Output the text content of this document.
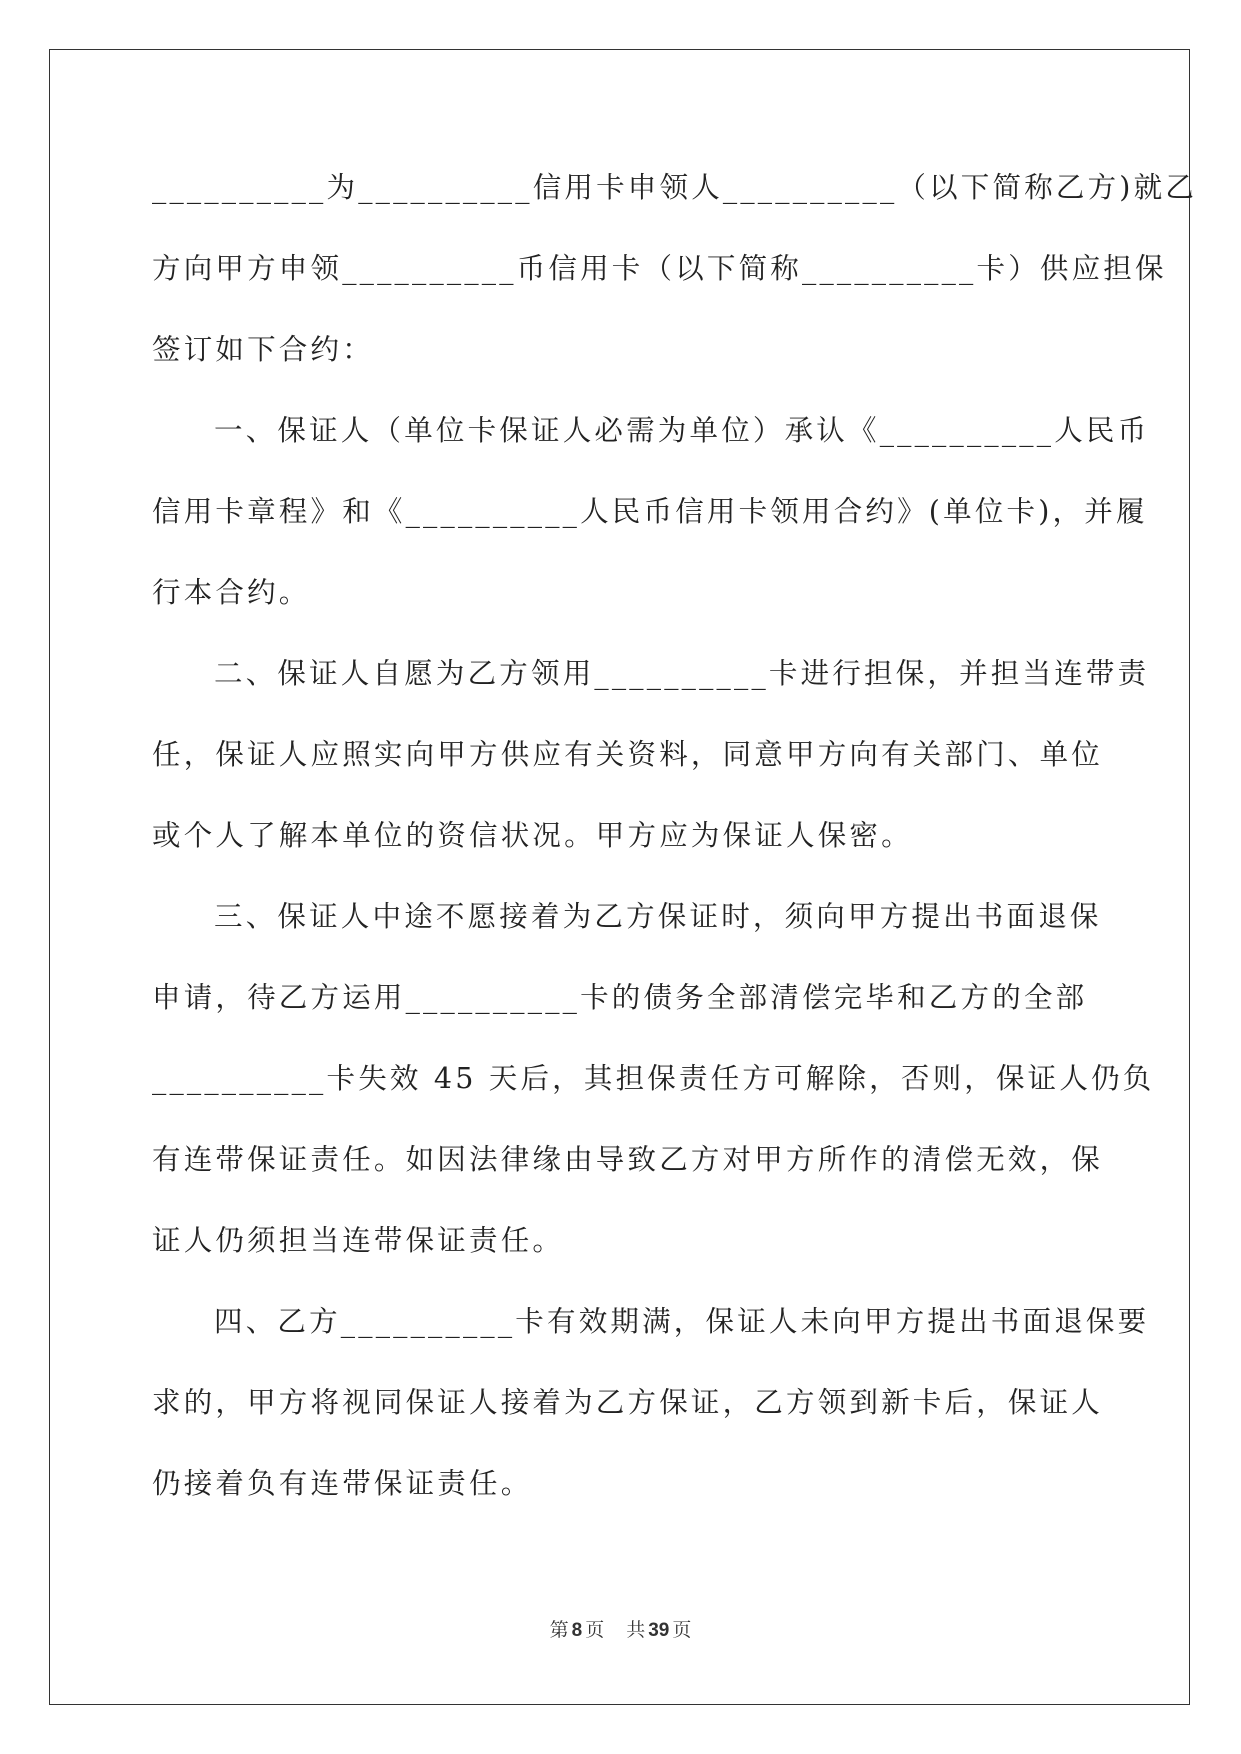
__________为__________信用卡申领人__________（以下简称乙方)就乙
方向甲方申领__________币信用卡（以下简称__________卡）供应担保
签订如下合约：
一、保证人（单位卡保证人必需为单位）承认《__________人民币
信用卡章程》和《__________人民币信用卡领用合约》(单位卡)，并履
行本合约。
二、保证人自愿为乙方领用__________卡进行担保，并担当连带责
任，保证人应照实向甲方供应有关资料，同意甲方向有关部门、单位
或个人了解本单位的资信状况。甲方应为保证人保密。
三、保证人中途不愿接着为乙方保证时，须向甲方提出书面退保
申请，待乙方运用__________卡的债务全部清偿完毕和乙方的全部
__________卡失效 45 天后，其担保责任方可解除，否则，保证人仍负
有连带保证责任。如因法律缘由导致乙方对甲方所作的清偿无效，保
证人仍须担当连带保证责任。
四、乙方__________卡有效期满，保证人未向甲方提出书面退保要
求的，甲方将视同保证人接着为乙方保证，乙方领到新卡后，保证人
仍接着负有连带保证责任。
第 8 页 共 39 页
